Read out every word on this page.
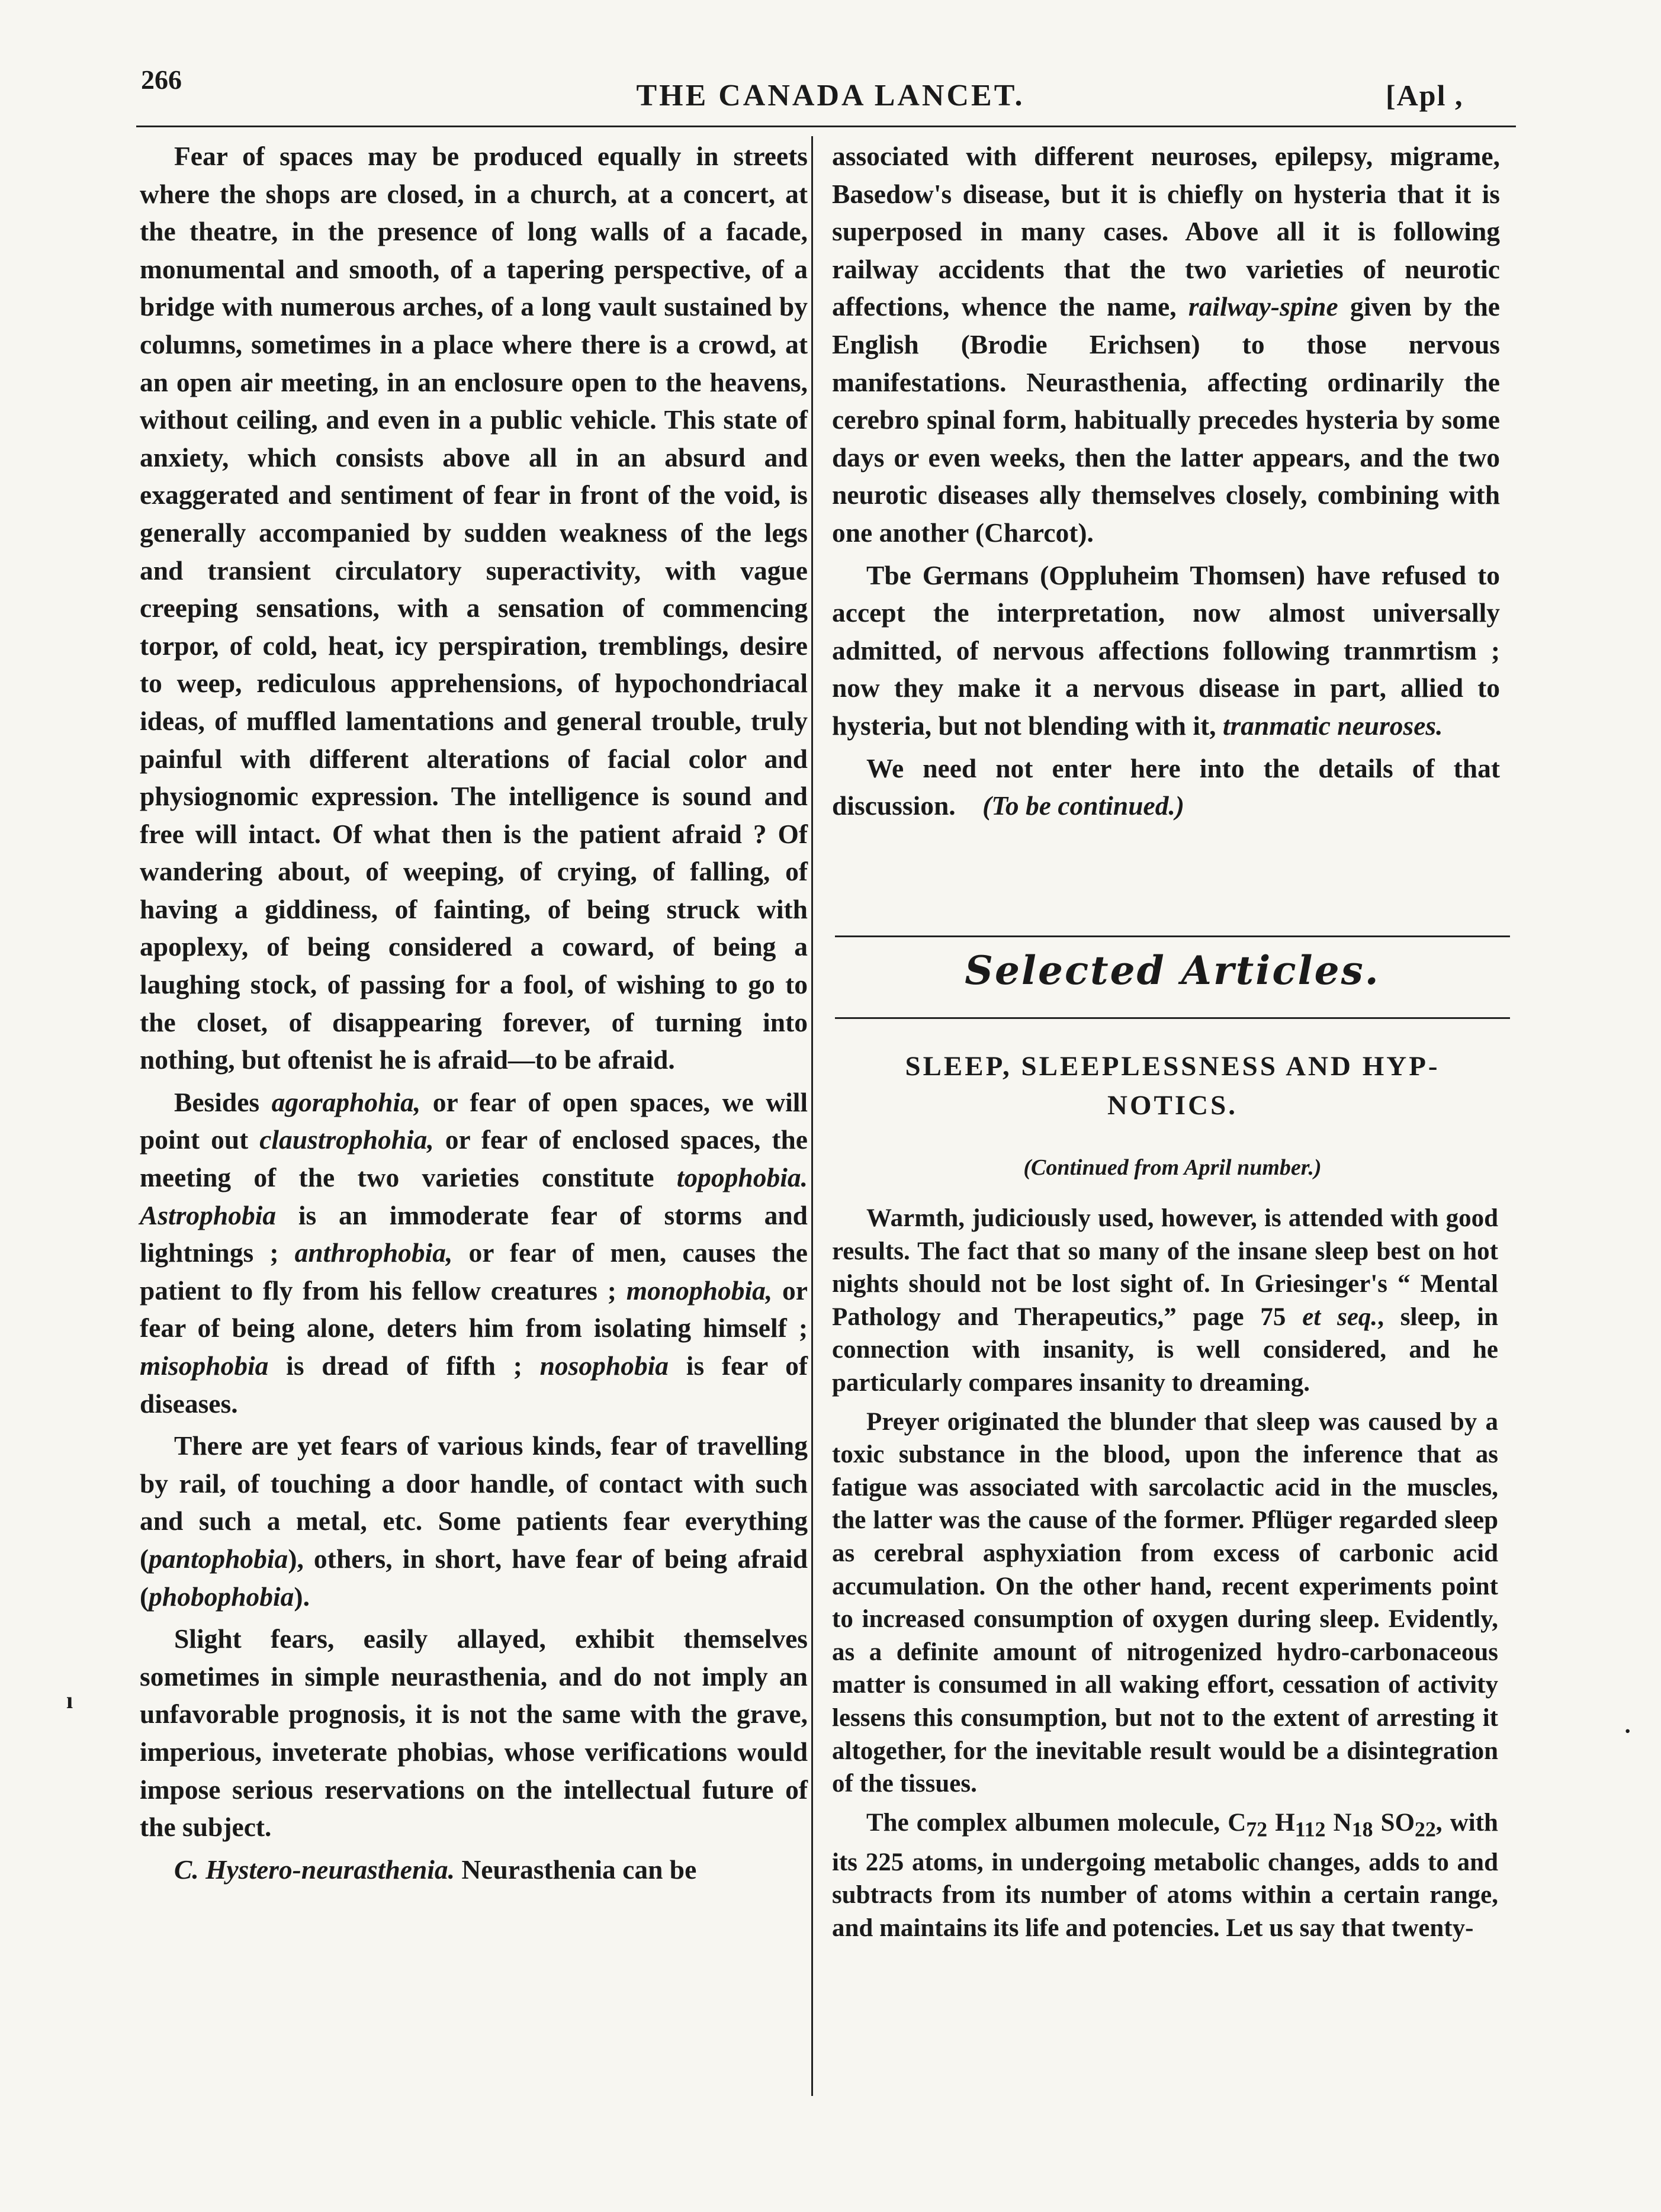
266	THE CANADA LANCET.	[Apl ,

Fear of spaces may be produced equally in streets where the shops are closed, in a church, at a concert, at the theatre, in the presence of long walls of a facade, monumental and smooth, of a tapering perspective, of a bridge with numerous arches, of a long vault sustained by columns, sometimes in a place where there is a crowd, at an open air meeting, in an enclosure open to the heavens, without ceiling, and even in a public vehicle. This state of anxiety, which consists above all in an absurd and exaggerated and sentiment of fear in front of the void, is generally accompanied by sudden weakness of the legs and transient circulatory superactivity, with vague creeping sensations, with a sensation of commencing torpor, of cold, heat, icy perspiration, tremblings, desire to weep, rediculous apprehensions, of hypochondriacal ideas, of muffled lamentations and general trouble, truly painful with different alterations of facial color and physiognomic expression. The intelligence is sound and free will intact. Of what then is the patient afraid ? Of wandering about, of weeping, of crying, of falling, of having a giddiness, of fainting, of being struck with apoplexy, of being considered a coward, of being a laughing stock, of passing for a fool, of wishing to go to the closet, of disappearing forever, of turning into nothing, but oftenist he is afraid—to be afraid.

Besides agoraphohia, or fear of open spaces, we will point out claustrophohia, or fear of enclosed spaces, the meeting of the two varieties constitute topophobia. Astrophobia is an immoderate fear of storms and lightnings ; anthrophobia, or fear of men, causes the patient to fly from his fellow creatures ; monophobia, or fear of being alone, deters him from isolating himself ; misophobia is dread of fifth ; nosophobia is fear of diseases.

There are yet fears of various kinds, fear of travelling by rail, of touching a door handle, of contact with such and such a metal, etc. Some patients fear everything (pantophobia), others, in short, have fear of being afraid (phobophobia).

Slight fears, easily allayed, exhibit themselves sometimes in simple neurasthenia, and do not imply an unfavorable prognosis, it is not the same with the grave, imperious, inveterate phobias, whose verifications would impose serious reservations on the intellectual future of the subject.

C. Hystero-neurasthenia. Neurasthenia can be

associated with different neuroses, epilepsy, migrame, Basedow's disease, but it is chiefly on hysteria that it is superposed in many cases. Above all it is following railway accidents that the two varieties of neurotic affections, whence the name, railway-spine given by the English (Brodie Erichsen) to those nervous manifestations. Neurasthenia, affecting ordinarily the cerebro spinal form, habitually precedes hysteria by some days or even weeks, then the latter appears, and the two neurotic diseases ally themselves closely, combining with one another (Charcot).

Tbe Germans (Oppluheim Thomsen) have refused to accept the interpretation, now almost universally admitted, of nervous affections following tranmrtism ; now they make it a nervous disease in part, allied to hysteria, but not blending with it, tranmatic neuroses.

We need not enter here into the details of that discussion. (To be continued.)

Selected Articles.
SLEEP, SLEEPLESSNESS AND HYP-
NOTICS.
(Continued from April number.)

Warmth, judiciously used, however, is attended with good results. The fact that so many of the insane sleep best on hot nights should not be lost sight of. In Griesinger's “ Mental Pathology and Therapeutics,” page 75 et seq., sleep, in connection with insanity, is well considered, and he particularly compares insanity to dreaming.

Preyer originated the blunder that sleep was caused by a toxic substance in the blood, upon the inference that as fatigue was associated with sarcolactic acid in the muscles, the latter was the cause of the former. Pflüger regarded sleep as cerebral asphyxiation from excess of carbonic acid accumulation. On the other hand, recent experiments point to increased consumption of oxygen during sleep. Evidently, as a definite amount of nitrogenized hydro-carbonaceous matter is consumed in all waking effort, cessation of activity lessens this consumption, but not to the extent of arresting it altogether, for the inevitable result would be a disintegration of the tissues.

The complex albumen molecule, $C_{72}$ $H_{112}$ $N_{18}$ $SO_{22}$, with its 225 atoms, in undergoing metabolic changes, adds to and subtracts from its number of atoms within a certain range, and maintains its life and potencies. Let us say that twenty-

ı
·
